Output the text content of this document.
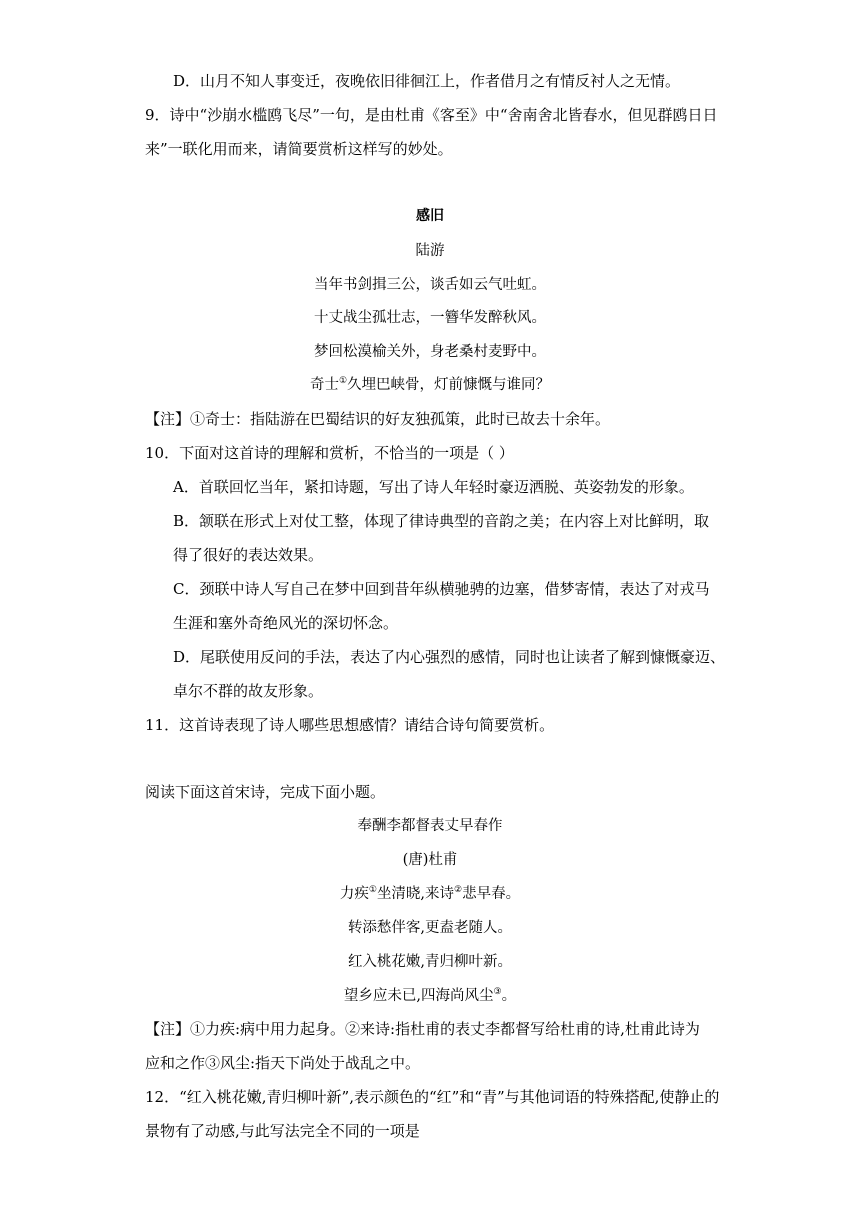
D．山月不知人事变迁，夜晚依旧徘徊江上，作者借月之有情反衬人之无情。
9．诗中“沙崩水槛鸥飞尽”一句，是由杜甫《客至》中“舍南舍北皆春水，但见群鸥日日
来”一联化用而来，请简要赏析这样写的妙处。
感旧
陆游
当年书剑揖三公，谈舌如云气吐虹。
十丈战尘孤壮志，一簪华发醉秋风。
梦回松漠榆关外，身老桑村麦野中。
奇士①久埋巴峡骨，灯前慷慨与谁同？
【注】①奇士：指陆游在巴蜀结识的好友独孤策，此时已故去十余年。
10．下面对这首诗的理解和赏析，不恰当的一项是（ ）
A．首联回忆当年，紧扣诗题，写出了诗人年轻时豪迈洒脱、英姿勃发的形象。
B．颔联在形式上对仗工整，体现了律诗典型的音韵之美；在内容上对比鲜明，取
得了很好的表达效果。
C．颈联中诗人写自己在梦中回到昔年纵横驰骋的边塞，借梦寄情，表达了对戎马
生涯和塞外奇绝风光的深切怀念。
D．尾联使用反问的手法，表达了内心强烈的感情，同时也让读者了解到慷慨豪迈、
卓尔不群的故友形象。
11．这首诗表现了诗人哪些思想感情？请结合诗句简要赏析。
阅读下面这首宋诗，完成下面小题。
奉酬李都督表丈早春作
(唐)杜甫
力疾①坐清晓,来诗②悲早春。
转添愁伴客,更盍老随人。
红入桃花嫩,青归柳叶新。
望乡应未已,四海尚风尘③。
【注】①力疾:病中用力起身。②来诗:指杜甫的表丈李都督写给杜甫的诗,杜甫此诗为
应和之作③风尘:指天下尚处于战乱之中。
12．“红入桃花嫩,青归柳叶新”,表示颜色的“红”和“青”与其他词语的特殊搭配,使静止的
景物有了动感,与此写法完全不同的一项是
